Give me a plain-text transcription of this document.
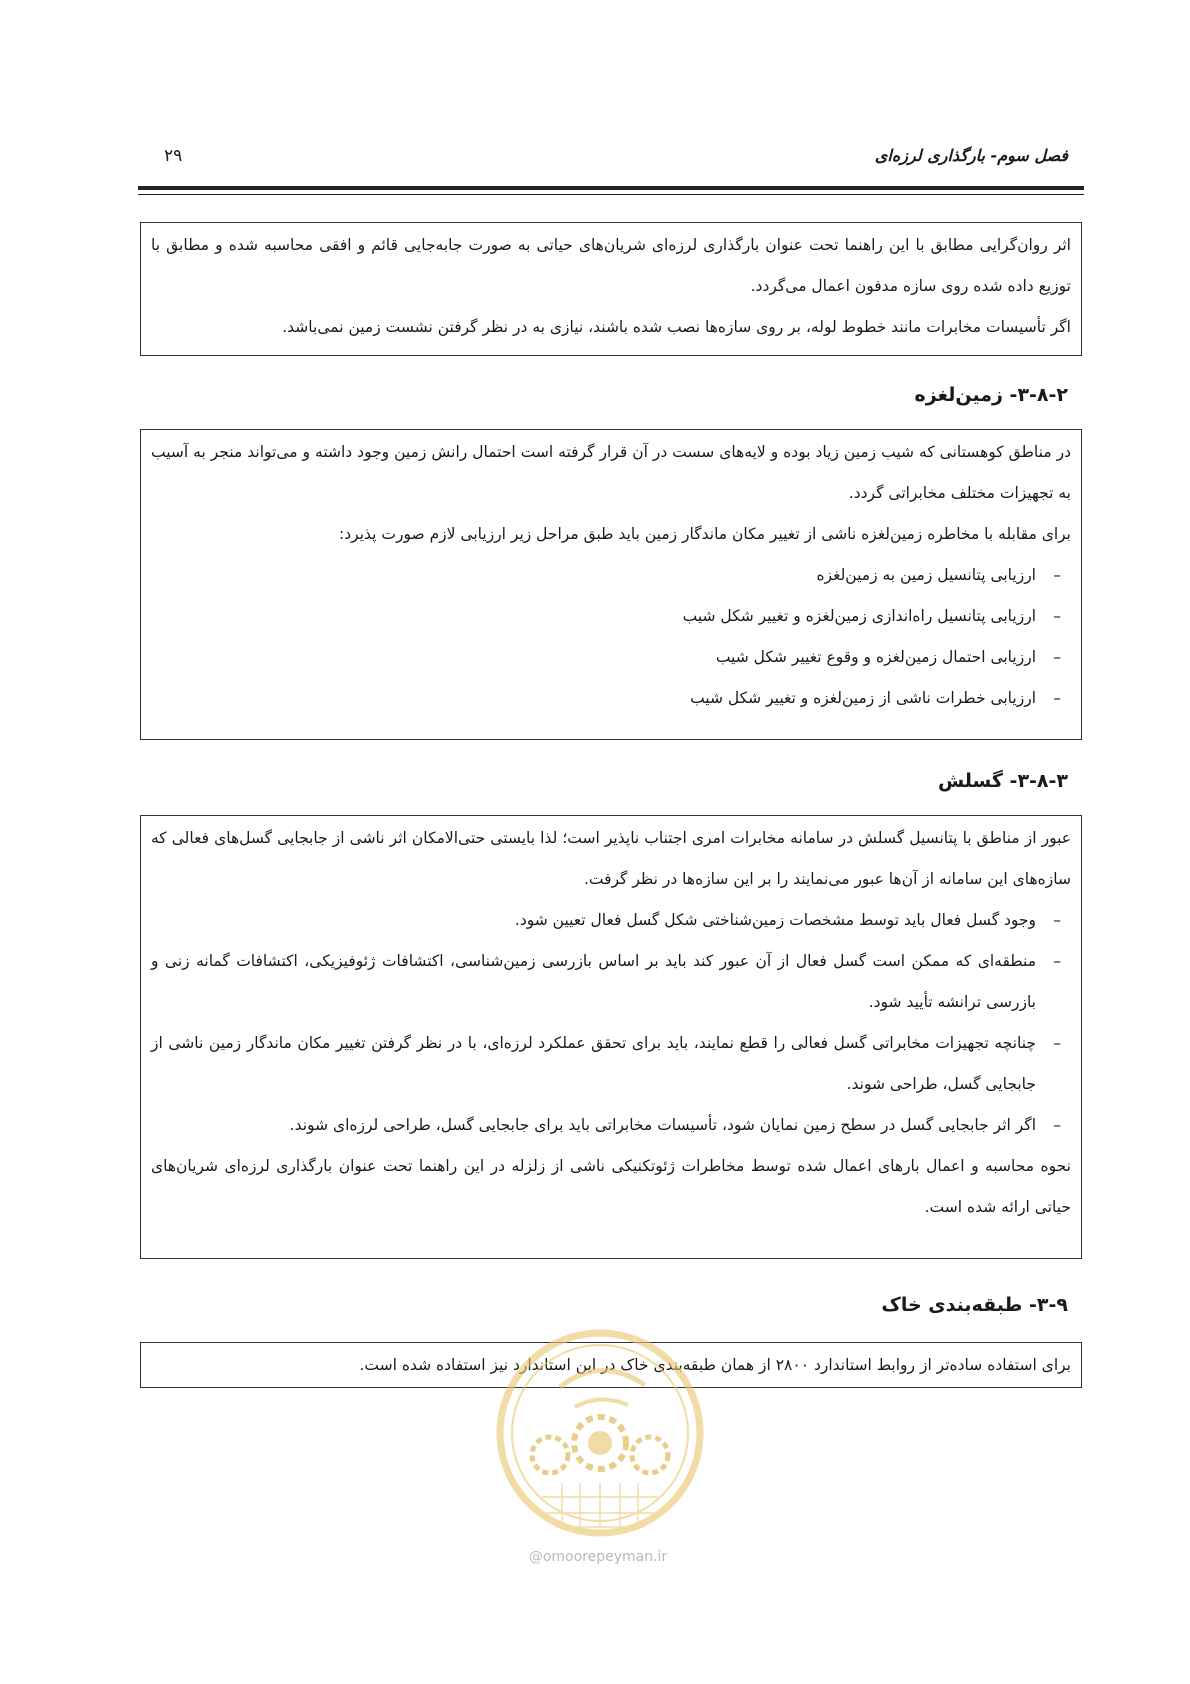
فصل سوم- بارگذاری لرزه‌ای
۲۹

اثر روان‌گرایی مطابق با این راهنما تحت عنوان بارگذاری لرزه‌ای شریان‌های حیاتی به صورت جابه‌جایی قائم و افقی محاسبه شده و مطابق با توزیع داده شده روی سازه مدفون اعمال می‌گردد.

اگر تأسیسات مخابرات مانند خطوط لوله، بر روی سازه‌ها نصب شده باشند، نیازی به در نظر گرفتن نشست زمین نمی‌باشد.

۳-۸-۲- زمین‌لغزه

در مناطق کوهستانی که شیب زمین زیاد بوده و لایه‌های سست در آن قرار گرفته است احتمال رانش زمین وجود داشته و می‌تواند منجر به آسیب به تجهیزات مختلف مخابراتی گردد.

برای مقابله با مخاطره زمین‌لغزه ناشی از تغییر مکان ماندگار زمین باید طبق مراحل زیر ارزیابی لازم صورت پذیرد:

–
ارزیابی پتانسیل زمین به زمین‌لغزه
–
ارزیابی پتانسیل راه‌اندازی زمین‌لغزه و تغییر شکل شیب
–
ارزیابی احتمال زمین‌لغزه و وقوع تغییر شکل شیب
–
ارزیابی خطرات ناشی از زمین‌لغزه و تغییر شکل شیب
۳-۸-۳- گسلش

عبور از مناطق با پتانسیل گسلش در سامانه مخابرات امری اجتناب ناپذیر است؛ لذا بایستی حتی‌الامکان اثر ناشی از جابجایی گسل‌های فعالی که سازه‌های این سامانه از آن‌ها عبور می‌نمایند را بر این سازه‌ها در نظر گرفت.

–
وجود گسل فعال باید توسط مشخصات زمین‌شناختی شکل گسل فعال تعیین شود.
–
منطقه‌ای که ممکن است گسل فعال از آن عبور کند باید بر اساس بازرسی زمین‌شناسی، اکتشافات ژئوفیزیکی، اکتشافات گمانه زنی و بازرسی ترانشه تأیید شود.
–
چنانچه تجهیزات مخابراتی گسل فعالی را قطع نمایند، باید برای تحقق عملکرد لرزه‌ای، با در نظر گرفتن تغییر مکان ماندگار زمین ناشی از جابجایی گسل، طراحی شوند.
–
اگر اثر جابجایی گسل در سطح زمین نمایان شود، تأسیسات مخابراتی باید برای جابجایی گسل، طراحی لرزه‌ای شوند.

نحوه محاسبه و اعمال بارهای اعمال شده توسط مخاطرات ژئوتکنیکی ناشی از زلزله در این راهنما تحت عنوان بارگذاری لرزه‌ای شریان‌های حیاتی ارائه شده است.

۳-۹- طبقه‌بندی خاک

برای استفاده ساده‌تر از روابط استاندارد ۲۸۰۰ از همان طبقه‌بندی خاک در این استاندارد نیز استفاده شده است.

@omoorepeyman.ir
